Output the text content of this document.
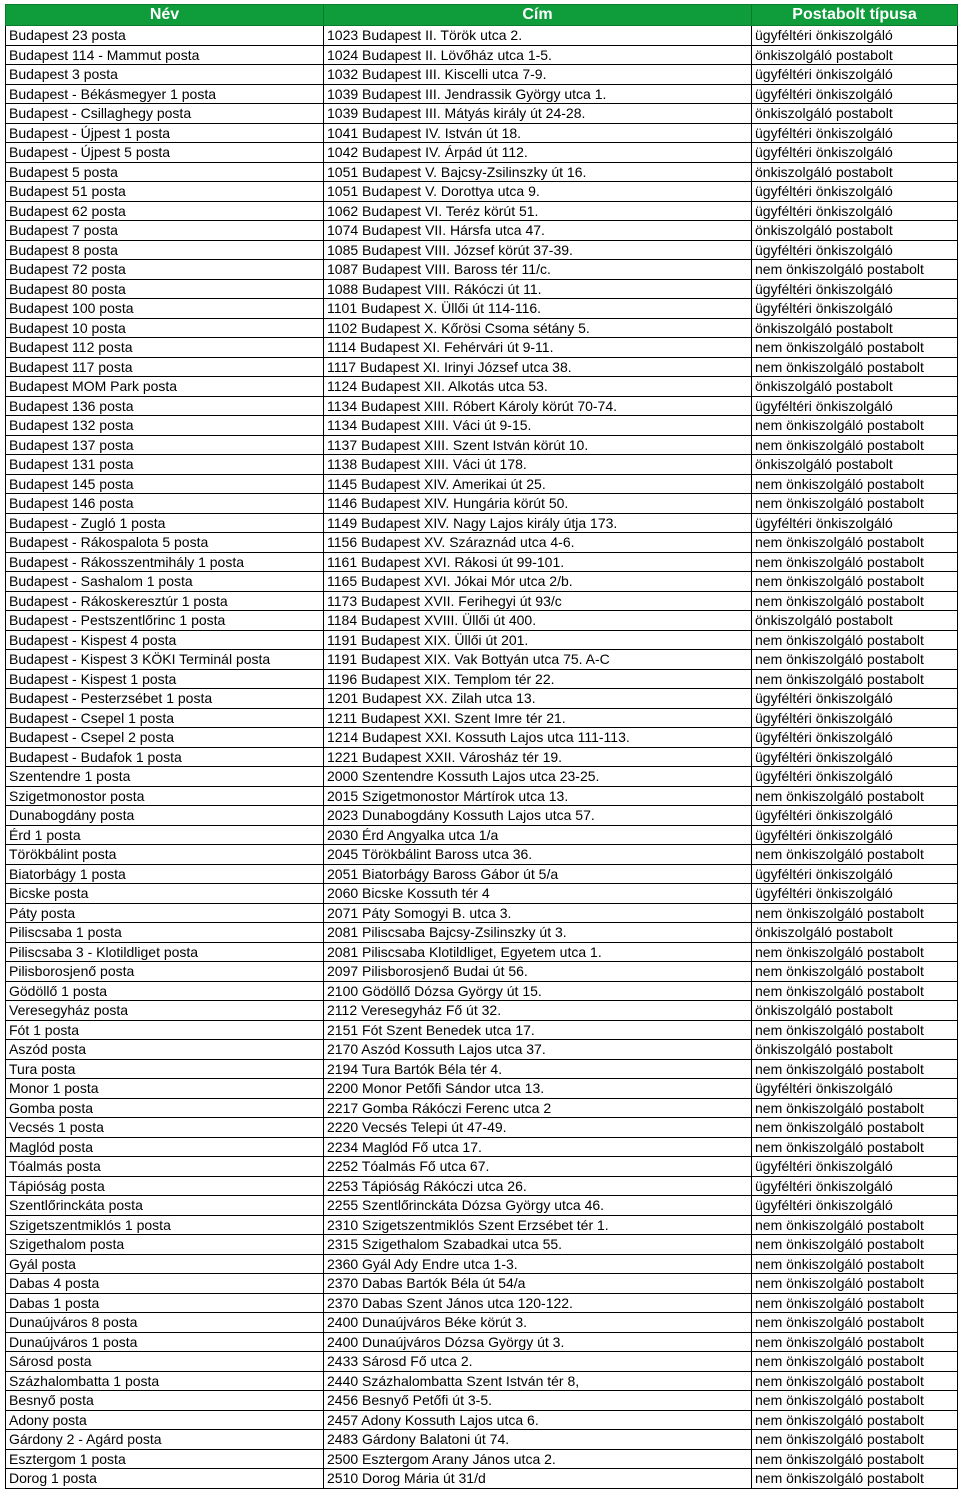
Név	Cím	Postabolt típusa
Budapest 23 posta	1023 Budapest II. Török utca 2.	ügyféltéri önkiszolgáló
Budapest 114 - Mammut posta	1024 Budapest II. Lövőház utca 1-5.	önkiszolgáló postabolt
Budapest 3 posta	1032 Budapest III. Kiscelli utca 7-9.	ügyféltéri önkiszolgáló
Budapest - Békásmegyer 1 posta	1039 Budapest III. Jendrassik György utca 1.	ügyféltéri önkiszolgáló
Budapest - Csillaghegy posta	1039 Budapest III. Mátyás király út 24-28.	önkiszolgáló postabolt
Budapest - Újpest 1 posta	1041 Budapest IV. István út 18.	ügyféltéri önkiszolgáló
Budapest - Újpest 5 posta	1042 Budapest IV. Árpád út 112.	ügyféltéri önkiszolgáló
Budapest 5 posta	1051 Budapest V. Bajcsy-Zsilinszky út 16.	önkiszolgáló postabolt
Budapest 51 posta	1051 Budapest V. Dorottya utca 9.	ügyféltéri önkiszolgáló
Budapest 62 posta	1062 Budapest VI. Teréz körút 51.	ügyféltéri önkiszolgáló
Budapest 7 posta	1074 Budapest VII. Hársfa utca 47.	önkiszolgáló postabolt
Budapest 8 posta	1085 Budapest VIII. József körút 37-39.	ügyféltéri önkiszolgáló
Budapest 72 posta	1087 Budapest VIII. Baross tér 11/c.	nem önkiszolgáló postabolt
Budapest 80 posta	1088 Budapest VIII. Rákóczi út 11.	ügyféltéri önkiszolgáló
Budapest 100 posta	1101 Budapest X. Üllői út 114-116.	ügyféltéri önkiszolgáló
Budapest 10 posta	1102 Budapest X. Kőrösi Csoma sétány 5.	önkiszolgáló postabolt
Budapest 112 posta	1114 Budapest XI. Fehérvári út 9-11.	nem önkiszolgáló postabolt
Budapest 117 posta	1117 Budapest XI. Irinyi József utca 38.	nem önkiszolgáló postabolt
Budapest MOM Park posta	1124 Budapest XII. Alkotás utca 53.	önkiszolgáló postabolt
Budapest 136 posta	1134 Budapest XIII. Róbert Károly körút 70-74.	ügyféltéri önkiszolgáló
Budapest 132 posta	1134 Budapest XIII. Váci út 9-15.	nem önkiszolgáló postabolt
Budapest 137 posta	1137 Budapest XIII. Szent István körút 10.	nem önkiszolgáló postabolt
Budapest 131 posta	1138 Budapest XIII. Váci út 178.	önkiszolgáló postabolt
Budapest 145 posta	1145 Budapest XIV. Amerikai út 25.	nem önkiszolgáló postabolt
Budapest 146 posta	1146 Budapest XIV. Hungária körút 50.	nem önkiszolgáló postabolt
Budapest - Zugló 1 posta	1149 Budapest XIV. Nagy Lajos király útja 173.	ügyféltéri önkiszolgáló
Budapest - Rákospalota 5 posta	1156 Budapest XV. Száraznád utca 4-6.	nem önkiszolgáló postabolt
Budapest - Rákosszentmihály 1 posta	1161 Budapest XVI. Rákosi út 99-101.	nem önkiszolgáló postabolt
Budapest - Sashalom 1 posta	1165 Budapest XVI. Jókai Mór utca 2/b.	nem önkiszolgáló postabolt
Budapest - Rákoskeresztúr 1 posta	1173 Budapest XVII. Ferihegyi út 93/c	nem önkiszolgáló postabolt
Budapest - Pestszentlőrinc 1 posta	1184 Budapest XVIII. Üllői út 400.	önkiszolgáló postabolt
Budapest - Kispest 4 posta	1191 Budapest XIX. Üllői út 201.	nem önkiszolgáló postabolt
Budapest - Kispest 3 KÖKI Terminál posta	1191 Budapest XIX. Vak Bottyán utca 75. A-C	nem önkiszolgáló postabolt
Budapest - Kispest 1 posta	1196 Budapest XIX. Templom tér 22.	nem önkiszolgáló postabolt
Budapest - Pesterzsébet 1 posta	1201 Budapest XX. Zilah utca 13.	ügyféltéri önkiszolgáló
Budapest - Csepel 1 posta	1211 Budapest XXI. Szent Imre tér 21.	ügyféltéri önkiszolgáló
Budapest - Csepel 2 posta	1214 Budapest XXI. Kossuth Lajos utca 111-113.	ügyféltéri önkiszolgáló
Budapest - Budafok 1 posta	1221 Budapest XXII. Városház tér 19.	ügyféltéri önkiszolgáló
Szentendre 1 posta	2000 Szentendre Kossuth Lajos utca 23-25.	ügyféltéri önkiszolgáló
Szigetmonostor posta	2015 Szigetmonostor Mártírok utca 13.	nem önkiszolgáló postabolt
Dunabogdány posta	2023 Dunabogdány Kossuth Lajos utca 57.	ügyféltéri önkiszolgáló
Érd 1 posta	2030 Érd Angyalka utca 1/a	ügyféltéri önkiszolgáló
Törökbálint posta	2045 Törökbálint Baross utca 36.	nem önkiszolgáló postabolt
Biatorbágy 1 posta	2051 Biatorbágy Baross Gábor út 5/a	ügyféltéri önkiszolgáló
Bicske posta	2060 Bicske Kossuth tér 4	ügyféltéri önkiszolgáló
Páty posta	2071 Páty Somogyi B. utca 3.	nem önkiszolgáló postabolt
Piliscsaba 1 posta	2081 Piliscsaba Bajcsy-Zsilinszky út 3.	önkiszolgáló postabolt
Piliscsaba 3 - Klotildliget posta	2081 Piliscsaba Klotildliget, Egyetem utca 1.	nem önkiszolgáló postabolt
Pilisborosjenő posta	2097 Pilisborosjenő Budai út 56.	nem önkiszolgáló postabolt
Gödöllő 1 posta	2100 Gödöllő Dózsa György út 15.	nem önkiszolgáló postabolt
Veresegyház posta	2112 Veresegyház Fő út 32.	önkiszolgáló postabolt
Fót 1 posta	2151 Fót Szent Benedek utca 17.	nem önkiszolgáló postabolt
Aszód posta	2170 Aszód Kossuth Lajos utca 37.	önkiszolgáló postabolt
Tura posta	2194 Tura Bartók Béla tér 4.	nem önkiszolgáló postabolt
Monor 1 posta	2200 Monor Petőfi Sándor utca 13.	ügyféltéri önkiszolgáló
Gomba posta	2217 Gomba Rákóczi Ferenc utca 2	nem önkiszolgáló postabolt
Vecsés 1 posta	2220 Vecsés Telepi út 47-49.	nem önkiszolgáló postabolt
Maglód posta	2234 Maglód Fő utca 17.	nem önkiszolgáló postabolt
Tóalmás posta	2252 Tóalmás Fő utca 67.	ügyféltéri önkiszolgáló
Tápióság posta	2253 Tápióság Rákóczi utca 26.	ügyféltéri önkiszolgáló
Szentlőrinckáta posta	2255 Szentlőrinckáta Dózsa György utca 46.	ügyféltéri önkiszolgáló
Szigetszentmiklós 1 posta	2310 Szigetszentmiklós Szent Erzsébet tér 1.	nem önkiszolgáló postabolt
Szigethalom posta	2315 Szigethalom Szabadkai utca 55.	nem önkiszolgáló postabolt
Gyál posta	2360 Gyál Ady Endre utca 1-3.	nem önkiszolgáló postabolt
Dabas 4 posta	2370 Dabas Bartók Béla út 54/a	nem önkiszolgáló postabolt
Dabas 1 posta	2370 Dabas Szent János utca 120-122.	nem önkiszolgáló postabolt
Dunaújváros 8 posta	2400 Dunaújváros Béke körút 3.	nem önkiszolgáló postabolt
Dunaújváros 1 posta	2400 Dunaújváros Dózsa György út 3.	nem önkiszolgáló postabolt
Sárosd posta	2433 Sárosd Fő utca 2.	nem önkiszolgáló postabolt
Százhalombatta 1 posta	2440 Százhalombatta Szent István tér 8,	nem önkiszolgáló postabolt
Besnyő posta	2456 Besnyő Petőfi út 3-5.	nem önkiszolgáló postabolt
Adony posta	2457 Adony Kossuth Lajos utca 6.	nem önkiszolgáló postabolt
Gárdony 2 - Agárd posta	2483 Gárdony Balatoni út 74.	nem önkiszolgáló postabolt
Esztergom 1 posta	2500 Esztergom Arany János utca 2.	nem önkiszolgáló postabolt
Dorog 1 posta	2510 Dorog Mária út 31/d	nem önkiszolgáló postabolt
